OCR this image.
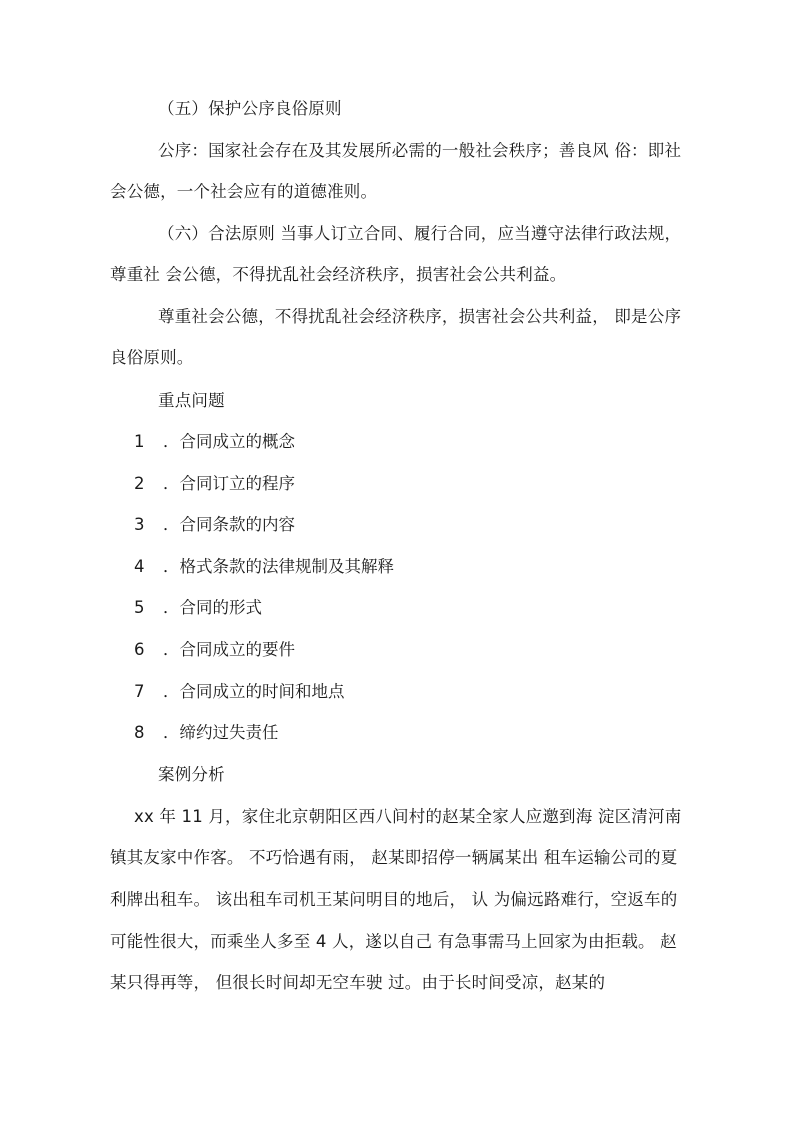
（五）保护公序良俗原则
公序：国家社会存在及其发展所必需的一般社会秩序；善良风 俗：即社
会公德，一个社会应有的道德准则。
（六）合法原则 当事人订立合同、履行合同，应当遵守法律行政法规，
尊重社 会公德，不得扰乱社会经济秩序，损害社会公共利益。
尊重社会公德，不得扰乱社会经济秩序，损害社会公共利益， 即是公序
良俗原则。
重点问题
1 ．合同成立的概念
2 ．合同订立的程序
3 ．合同条款的内容
4 ．格式条款的法律规制及其解释
5 ．合同的形式
6 ．合同成立的要件
7 ．合同成立的时间和地点
8 ．缔约过失责任
案例分析
xx 年 11 月，家住北京朝阳区西八间村的赵某全家人应邀到海 淀区清河南
镇其友家中作客。 不巧恰遇有雨， 赵某即招停一辆属某出 租车运输公司的夏
利牌出租车。 该出租车司机王某问明目的地后， 认 为偏远路难行，空返车的
可能性很大，而乘坐人多至 4 人，遂以自己 有急事需马上回家为由拒载。 赵
某只得再等， 但很长时间却无空车驶 过。由于长时间受凉，赵某的
